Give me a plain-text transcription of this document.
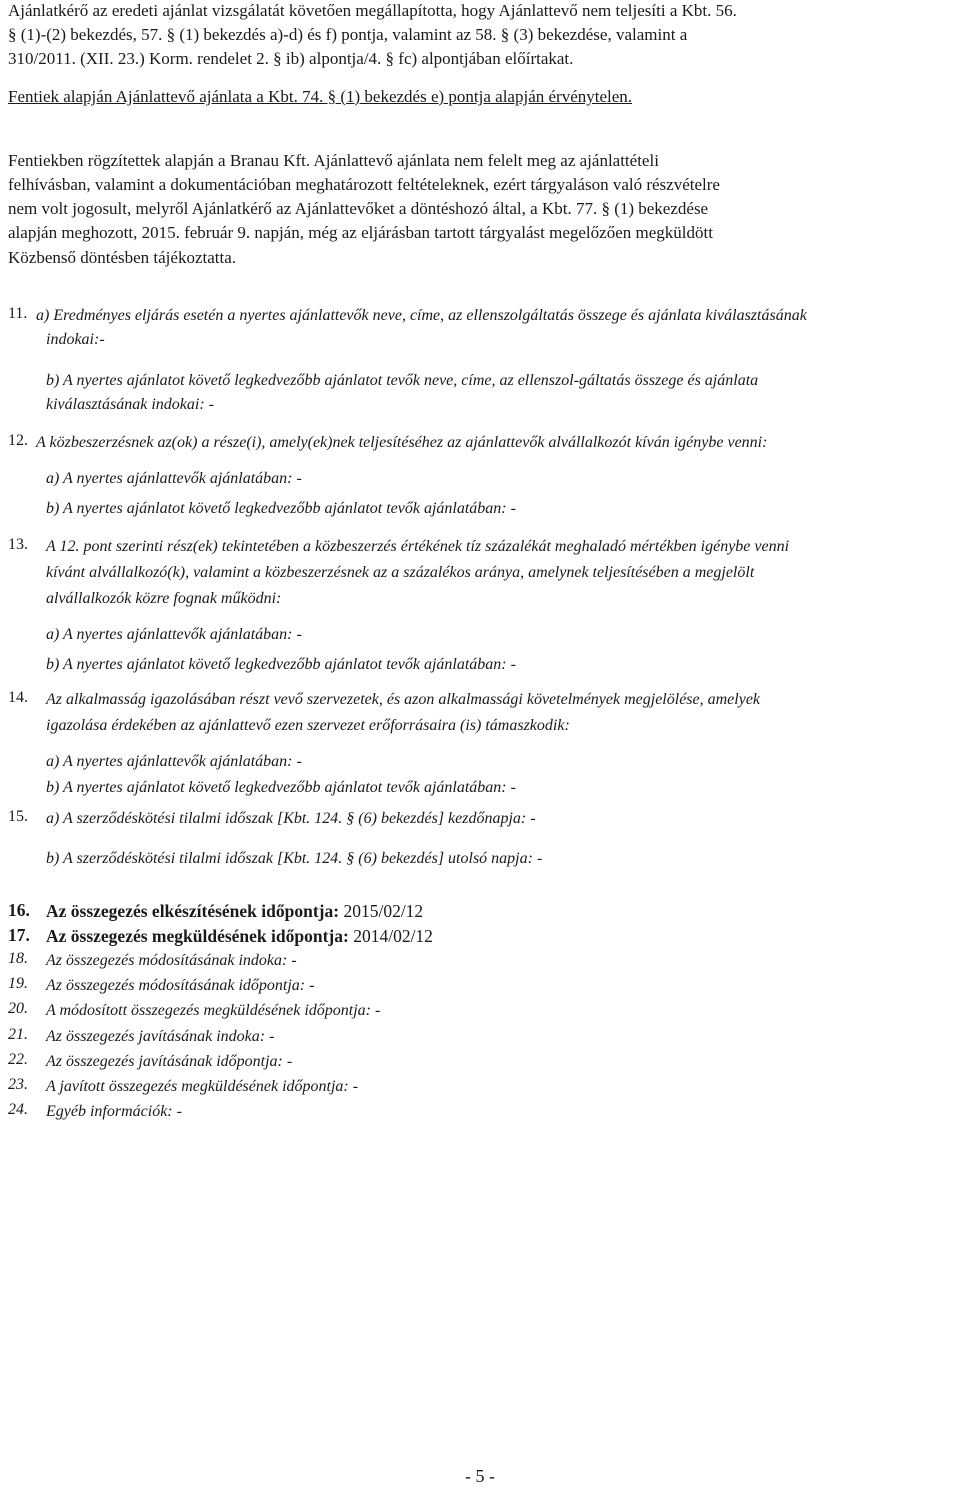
Ajánlatkérő az eredeti ajánlat vizsgálatát követően megállapította, hogy Ajánlattevő nem teljesíti a Kbt. 56.
§ (1)-(2) bekezdés, 57. § (1) bekezdés a)-d) és f) pontja, valamint az 58. § (3) bekezdése, valamint a
310/2011. (XII. 23.) Korm. rendelet 2. § ib) alpontja/4. § fc) alpontjában előírtakat.
Fentiek alapján Ajánlattevő ajánlata a Kbt. 74. § (1) bekezdés e) pontja alapján érvénytelen.
Fentiekben rögzítettek alapján a Branau Kft. Ajánlattevő ajánlata nem felelt meg az ajánlattételi
felhívásban, valamint a dokumentációban meghatározott feltételeknek, ezért tárgyaláson való részvételre
nem volt jogosult, melyről Ajánlatkérő az Ajánlattevőket a döntéshozó által, a Kbt. 77. § (1) bekezdése
alapján meghozott, 2015. február 9. napján, még az eljárásban tartott tárgyalást megelőzően megküldött
Közbenső döntésben tájékoztatta.
11. a) Eredményes eljárás esetén a nyertes ajánlattevők neve, címe, az ellenszolgáltatás összege és ajánlata kiválasztásának
indokai:-
b) A nyertes ajánlatot követő legkedvezőbb ajánlatot tevők neve, címe, az ellenszol-gáltatás összege és ajánlata
kiválasztásának indokai: -
12. A közbeszerzésnek az(ok) a része(i), amely(ek)nek teljesítéséhez az ajánlattevők alvállalkozót kíván igénybe venni:
a) A nyertes ajánlattevők ajánlatában: -
b) A nyertes ajánlatot követő legkedvezőbb ajánlatot tevők ajánlatában: -
13. A 12. pont szerinti rész(ek) tekintetében a közbeszerzés értékének tíz százalékát meghaladó mértékben igénybe venni
kívánt alvállalkozó(k), valamint a közbeszerzésnek az a százalékos aránya, amelynek teljesítésében a megjelölt
alvállalkozók közre fognak működni:
a) A nyertes ajánlattevők ajánlatában: -
b) A nyertes ajánlatot követő legkedvezőbb ajánlatot tevők ajánlatában: -
14. Az alkalmasság igazolásában részt vevő szervezetek, és azon alkalmassági követelmények megjelölése, amelyek
igazolása érdekében az ajánlattevő ezen szervezet erőforrásaira (is) támaszkodik:
a) A nyertes ajánlattevők ajánlatában: -
b) A nyertes ajánlatot követő legkedvezőbb ajánlatot tevők ajánlatában: -
15. a) A szerződéskötési tilalmi időszak [Kbt. 124. § (6) bekezdés] kezdőnapja: -
b) A szerződéskötési tilalmi időszak [Kbt. 124. § (6) bekezdés] utolsó napja: -
16. Az összegezés elkészítésének időpontja: 2015/02/12
17. Az összegezés megküldésének időpontja: 2014/02/12
18. Az összegezés módosításának indoka: -
19. Az összegezés módosításának időpontja: -
20. A módosított összegezés megküldésének időpontja: -
21. Az összegezés javításának indoka: -
22. Az összegezés javításának időpontja: -
23. A javított összegezés megküldésének időpontja: -
24. Egyéb információk: -
- 5 -
